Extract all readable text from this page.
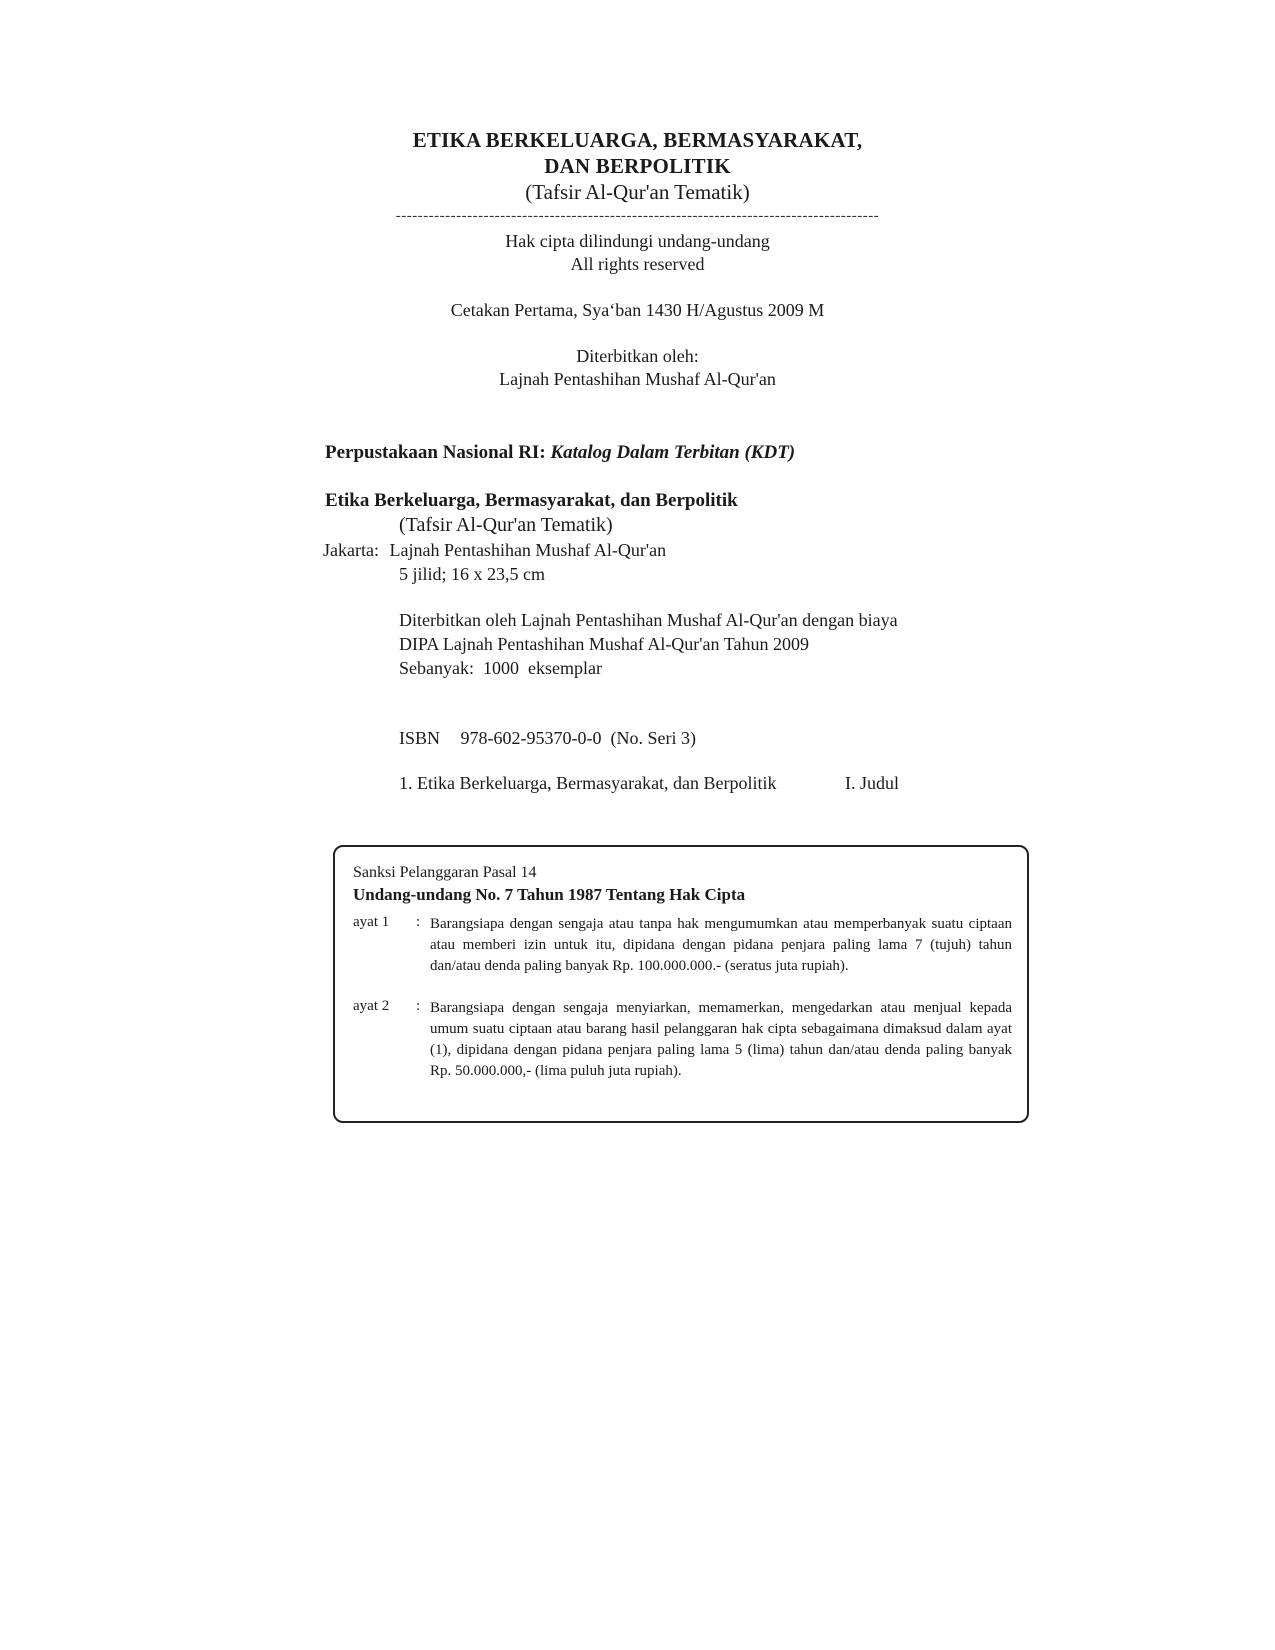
ETIKA BERKELUARGA, BERMASYARAKAT,
DAN BERPOLITIK
(Tafsir Al-Qur'an Tematik)
----------------------------------------------------------------------------------------
Hak cipta dilindungi undang-undang
All rights reserved
Cetakan Pertama, Sya‘ban 1430 H/Agustus 2009 M
Diterbitkan oleh:
Lajnah Pentashihan Mushaf Al-Qur'an
Perpustakaan Nasional RI: Katalog Dalam Terbitan (KDT)
Etika Berkeluarga, Bermasyarakat, dan Berpolitik
(Tafsir Al-Qur'an Tematik)
Jakarta: Lajnah Pentashihan Mushaf Al-Qur'an
5 jilid; 16 x 23,5 cm
Diterbitkan oleh Lajnah Pentashihan Mushaf Al-Qur'an dengan biaya
DIPA Lajnah Pentashihan Mushaf Al-Qur'an Tahun 2009
Sebanyak:  1000  eksemplar
ISBN 978-602-95370-0-0  (No. Seri 3)
1. Etika Berkeluarga, Bermasyarakat, dan Berpolitik	I. Judul
Sanksi Pelanggaran Pasal 14
Undang-undang No. 7 Tahun 1987 Tentang Hak Cipta
ayat 1 : Barangsiapa dengan sengaja atau tanpa hak mengumumkan atau memperbanyak suatu ciptaan atau memberi izin untuk itu, dipidana dengan pidana penjara paling lama 7 (tujuh) tahun dan/atau denda paling banyak Rp. 100.000.000.- (seratus juta rupiah).
ayat 2 : Barangsiapa dengan sengaja menyiarkan, memamerkan, mengedarkan atau menjual kepada umum suatu ciptaan atau barang hasil pelanggaran hak cipta sebagaimana dimaksud dalam ayat (1), dipidana dengan pidana penjara paling lama 5 (lima) tahun dan/atau denda paling banyak Rp. 50.000.000,- (lima puluh juta rupiah).
